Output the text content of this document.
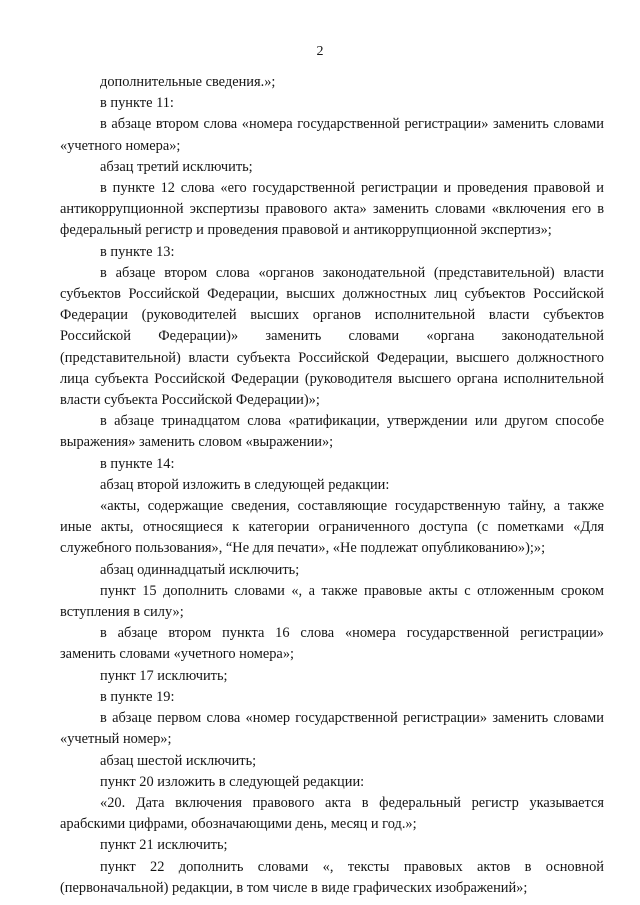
2

дополнительные сведения.»;

в пункте 11:

в абзаце втором слова «номера государственной регистрации» заменить словами «учетного номера»;

абзац третий исключить;

в пункте 12 слова «его государственной регистрации и проведения правовой и антикоррупционной экспертизы правового акта» заменить словами «включения его в федеральный регистр и проведения правовой и антикоррупционной экспертиз»;

в пункте 13:

в абзаце втором слова «органов законодательной (представительной) власти субъектов Российской Федерации, высших должностных лиц субъектов Российской Федерации (руководителей высших органов исполнительной власти субъектов Российской Федерации)» заменить словами «органа законодательной (представительной) власти субъекта Российской Федерации, высшего должностного лица субъекта Российской Федерации (руководителя высшего органа исполнительной власти субъекта Российской Федерации)»;

в абзаце тринадцатом слова «ратификации, утверждении или другом способе выражения» заменить словом «выражении»;

в пункте 14:

абзац второй изложить в следующей редакции:

«акты, содержащие сведения, составляющие государственную тайну, а также иные акты, относящиеся к категории ограниченного доступа (с пометками «Для служебного пользования», “Не для печати», «Не подлежат опубликованию»);»;

абзац одиннадцатый исключить;

пункт 15 дополнить словами «, а также правовые акты с отложенным сроком вступления в силу»;

в абзаце втором пункта 16 слова «номера государственной регистрации» заменить словами «учетного номера»;

пункт 17 исключить;

в пункте 19:

в абзаце первом слова «номер государственной регистрации» заменить словами «учетный номер»;

абзац шестой исключить;

пункт 20 изложить в следующей редакции:

«20. Дата включения правового акта в федеральный регистр указывается арабскими цифрами, обозначающими день, месяц и год.»;

пункт 21 исключить;

пункт 22 дополнить словами «, тексты правовых актов в основной (первоначальной) редакции, в том числе в виде графических изображений»;
